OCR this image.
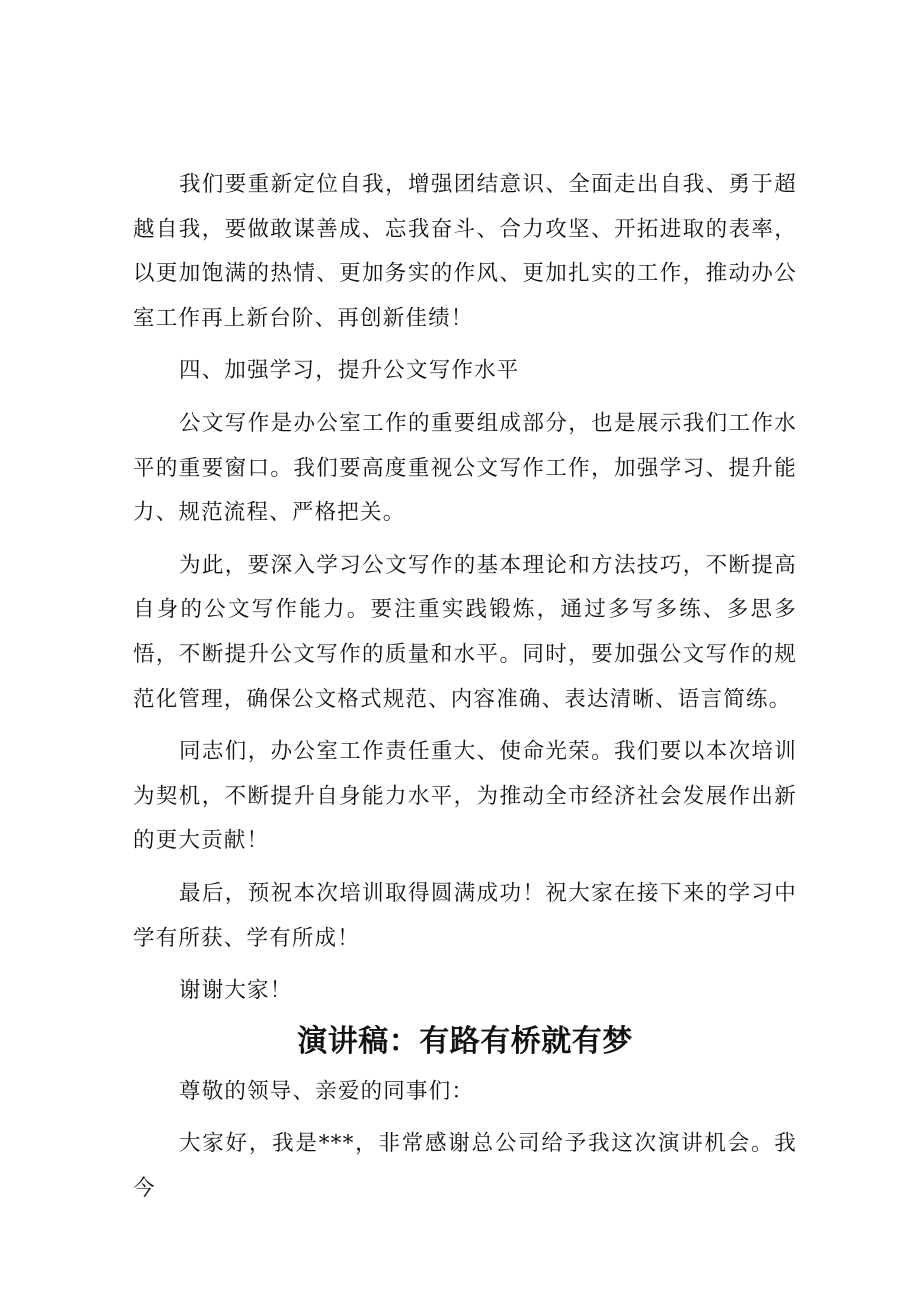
我们要重新定位自我，增强团结意识、全面走出自我、勇于超越自我，要做敢谋善成、忘我奋斗、合力攻坚、开拓进取的表率，以更加饱满的热情、更加务实的作风、更加扎实的工作，推动办公室工作再上新台阶、再创新佳绩！

四、加强学习，提升公文写作水平

公文写作是办公室工作的重要组成部分，也是展示我们工作水平的重要窗口。我们要高度重视公文写作工作，加强学习、提升能力、规范流程、严格把关。

为此，要深入学习公文写作的基本理论和方法技巧，不断提高自身的公文写作能力。要注重实践锻炼，通过多写多练、多思多悟，不断提升公文写作的质量和水平。同时，要加强公文写作的规范化管理，确保公文格式规范、内容准确、表达清晰、语言简练。

同志们，办公室工作责任重大、使命光荣。我们要以本次培训为契机，不断提升自身能力水平，为推动全市经济社会发展作出新的更大贡献！

最后，预祝本次培训取得圆满成功！祝大家在接下来的学习中学有所获、学有所成！

谢谢大家！

演讲稿：有路有桥就有梦

尊敬的领导、亲爱的同事们：

大家好，我是***，非常感谢总公司给予我这次演讲机会。我今
